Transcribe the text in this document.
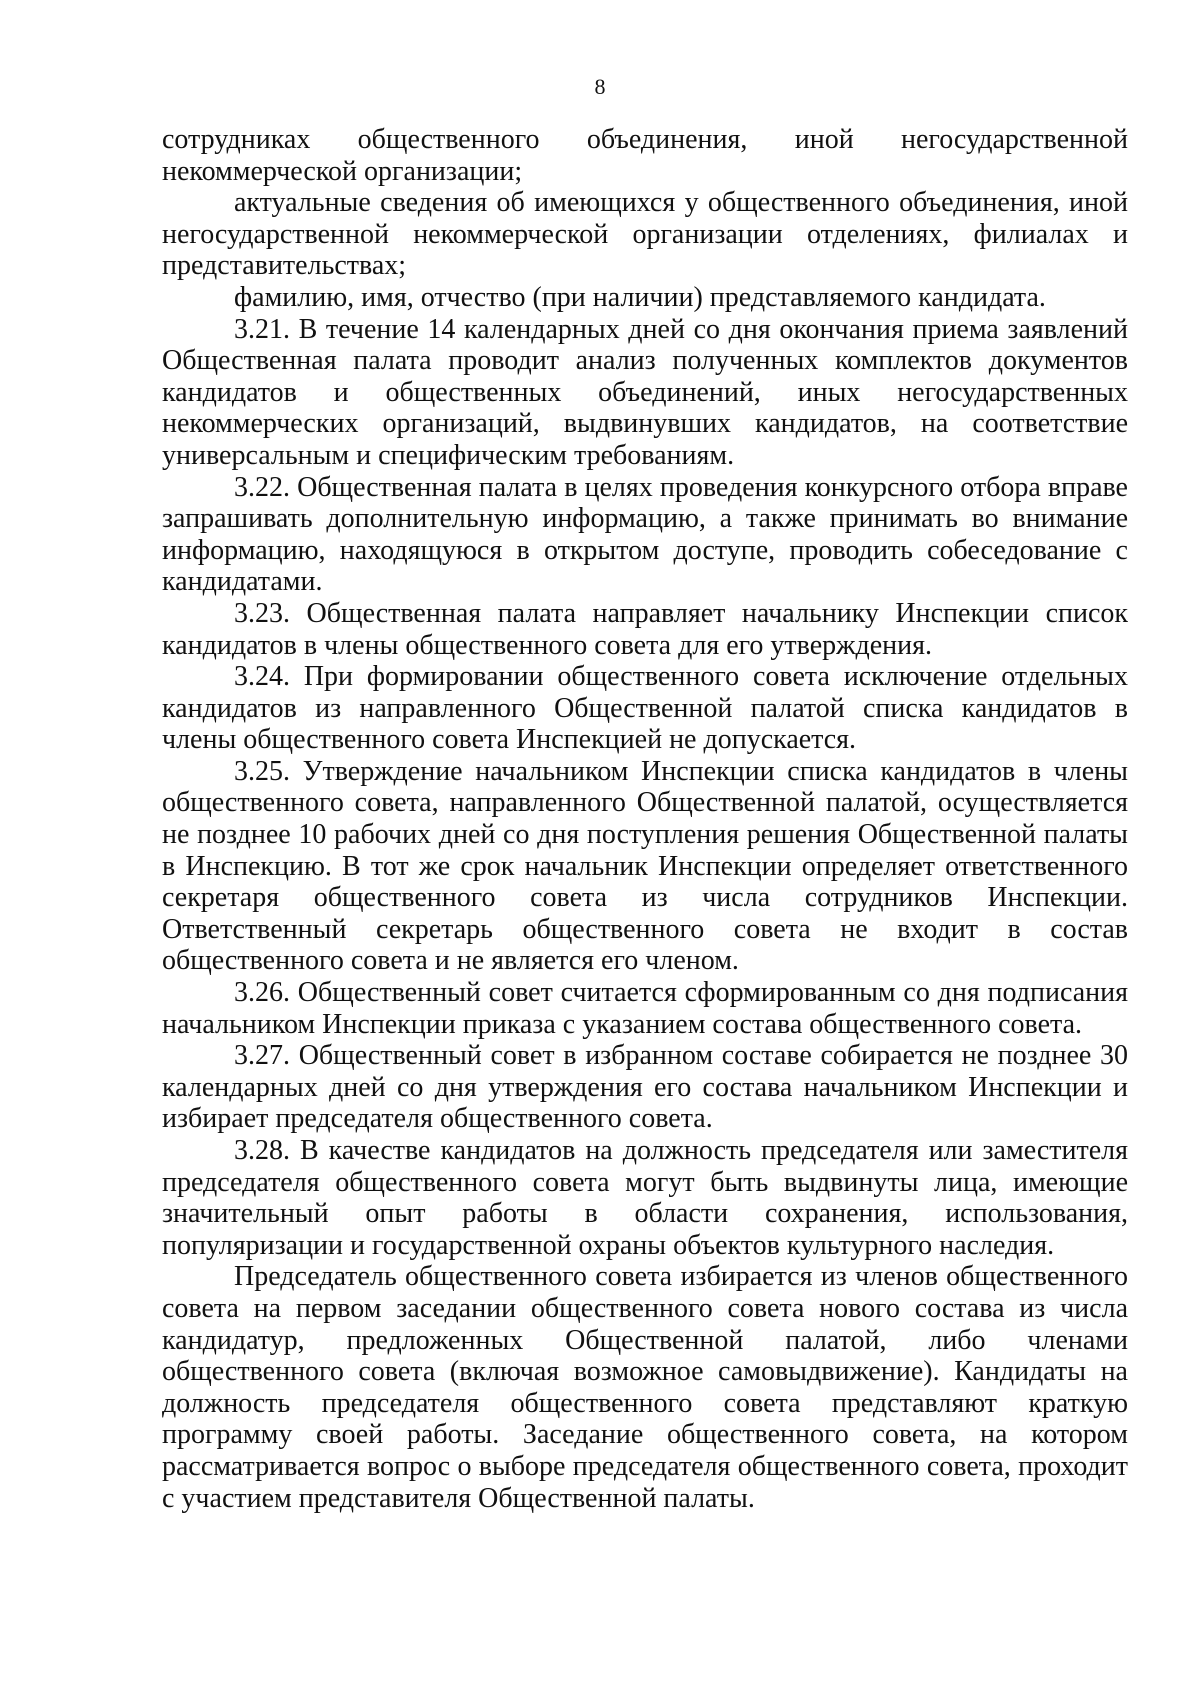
8

сотрудниках общественного объединения, иной негосударственной некоммерческой организации;

актуальные сведения об имеющихся у общественного объединения, иной негосударственной некоммерческой организации отделениях, филиалах и представительствах;

фамилию, имя, отчество (при наличии) представляемого кандидата.

3.21. В течение 14 календарных дней со дня окончания приема заявлений Общественная палата проводит анализ полученных комплектов документов кандидатов и общественных объединений, иных негосударственных некоммерческих организаций, выдвинувших кандидатов, на соответствие универсальным и специфическим требованиям.

3.22. Общественная палата в целях проведения конкурсного отбора вправе запрашивать дополнительную информацию, а также принимать во внимание информацию, находящуюся в открытом доступе, проводить собеседование с кандидатами.

3.23. Общественная палата направляет начальнику Инспекции список кандидатов в члены общественного совета для его утверждения.

3.24. При формировании общественного совета исключение отдельных кандидатов из направленного Общественной палатой списка кандидатов в члены общественного совета Инспекцией не допускается.

3.25. Утверждение начальником Инспекции списка кандидатов в члены общественного совета, направленного Общественной палатой, осуществляется не позднее 10 рабочих дней со дня поступления решения Общественной палаты в Инспекцию. В тот же срок начальник Инспекции определяет ответственного секретаря общественного совета из числа сотрудников Инспекции. Ответственный секретарь общественного совета не входит в состав общественного совета и не является его членом.

3.26. Общественный совет считается сформированным со дня подписания начальником Инспекции приказа с указанием состава общественного совета.

3.27. Общественный совет в избранном составе собирается не позднее 30 календарных дней со дня утверждения его состава начальником Инспекции и избирает председателя общественного совета.

3.28. В качестве кандидатов на должность председателя или заместителя председателя общественного совета могут быть выдвинуты лица, имеющие значительный опыт работы в области сохранения, использования, популяризации и государственной охраны объектов культурного наследия.

Председатель общественного совета избирается из членов общественного совета на первом заседании общественного совета нового состава из числа кандидатур, предложенных Общественной палатой, либо членами общественного совета (включая возможное самовыдвижение). Кандидаты на должность председателя общественного совета представляют краткую программу своей работы. Заседание общественного совета, на котором рассматривается вопрос о выборе председателя общественного совета, проходит с участием представителя Общественной палаты.
